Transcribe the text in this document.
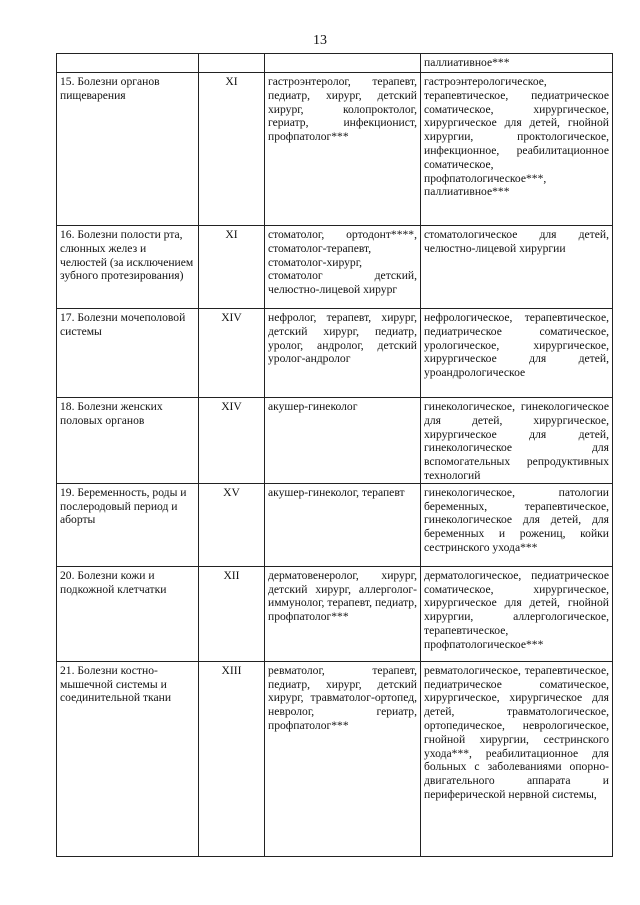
13
			паллиативное***
15. Болезни органов пищеварения	XI	гастроэнтеролог, терапевт, педиатр, хирург, детский хирург, колопроктолог, гериатр, инфекционист, профпатолог***	гастроэнтерологическое, терапевтическое, педиатрическое соматическое, хирургическое, хирургическое для детей, гнойной хирургии, проктологическое, инфекционное, реабилитационное соматическое, профпатологическое***, паллиативное***
16. Болезни полости рта, слюнных желез и челюстей (за исключением зубного протезирования)	XI	стоматолог, ортодонт****, стоматолог-терапевт, стоматолог-хирург, стоматолог детский, челюстно-лицевой хирург	стоматологическое для детей, челюстно-лицевой хирургии
17. Болезни мочеполовой системы	XIV	нефролог, терапевт, хирург, детский хирург, педиатр, уролог, андролог, детский уролог-андролог	нефрологическое, терапевтическое, педиатрическое соматическое, урологическое, хирургическое, хирургическое для детей, уроандрологическое
18. Болезни женских половых органов	XIV	акушер-гинеколог	гинекологическое, гинекологическое для детей, хирургическое, хирургическое для детей, гинекологическое для вспомогательных репродуктивных технологий
19. Беременность, роды и послеродовый период и аборты	XV	акушер-гинеколог, терапевт	гинекологическое, патологии беременных, терапевтическое, гинекологическое для детей, для беременных и рожениц, койки сестринского ухода***
20. Болезни кожи и подкожной клетчатки	XII	дерматовенеролог, хирург, детский хирург, аллерголог-иммунолог, терапевт, педиатр, профпатолог***	дерматологическое, педиатрическое соматическое, хирургическое, хирургическое для детей, гнойной хирургии, аллергологическое, терапевтическое, профпатологическое***
21. Болезни костно-мышечной системы и соединительной ткани	XIII	ревматолог, терапевт, педиатр, хирург, детский хирург, травматолог-ортопед, невролог, гериатр, профпатолог***	ревматологическое, терапевтическое, педиатрическое соматическое, хирургическое, хирургическое для детей, травматологическое, ортопедическое, неврологическое, гнойной хирургии, сестринского ухода***, реабилитационное для больных с заболеваниями опорно-двигательного аппарата и периферической нервной системы,
